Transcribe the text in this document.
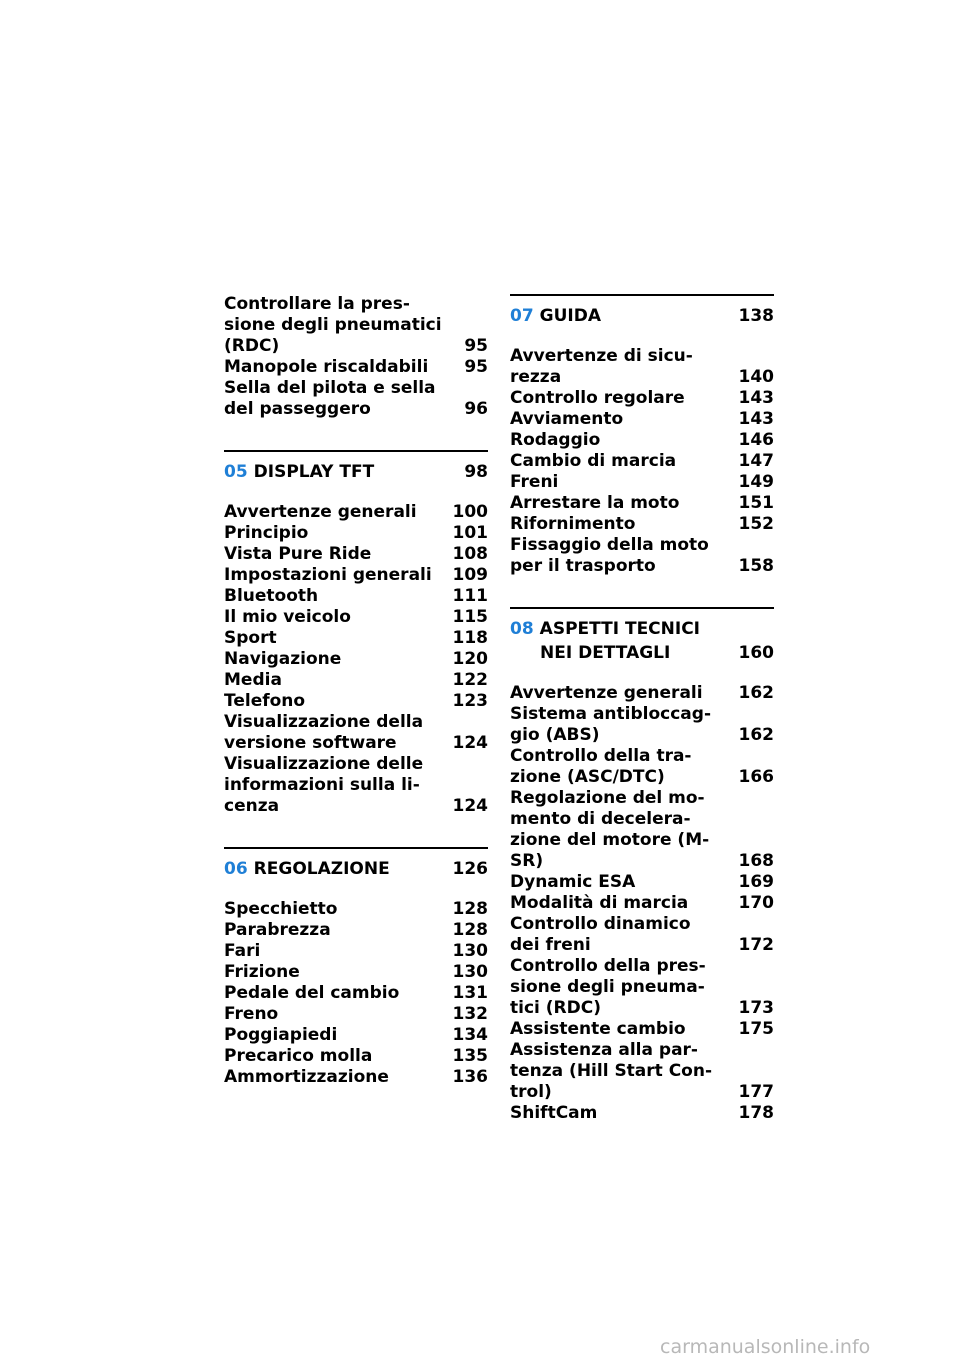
Controllare la pres-
sione degli pneumatici
(RDC)	95
Manopole riscaldabili	95
Sella del pilota e sella
del passeggero	96
05 DISPLAY TFT	98
Avvertenze generali	100
Principio	101
Vista Pure Ride	108
Impostazioni generali	109
Bluetooth	111
Il mio veicolo	115
Sport	118
Navigazione	120
Media	122
Telefono	123
Visualizzazione della
versione software	124
Visualizzazione delle
informazioni sulla li-
cenza	124
06 REGOLAZIONE	126
Specchietto	128
Parabrezza	128
Fari	130
Frizione	130
Pedale del cambio	131
Freno	132
Poggiapiedi	134
Precarico molla	135
Ammortizzazione	136
07 GUIDA	138
Avvertenze di sicu-
rezza	140
Controllo regolare	143
Avviamento	143
Rodaggio	146
Cambio di marcia	147
Freni	149
Arrestare la moto	151
Rifornimento	152
Fissaggio della moto
per il trasporto	158
08 ASPETTI TECNICI
NEI DETTAGLI	160
Avvertenze generali	162
Sistema antibloccag-
gio (ABS)	162
Controllo della tra-
zione (ASC/DTC)	166
Regolazione del mo-
mento di decelera-
zione del motore (M-
SR)	168
Dynamic ESA	169
Modalità di marcia	170
Controllo dinamico
dei freni	172
Controllo della pres-
sione degli pneuma-
tici (RDC)	173
Assistente cambio	175
Assistenza alla par-
tenza (Hill Start Con-
trol)	177
ShiftCam	178
carmanualsonline.info
